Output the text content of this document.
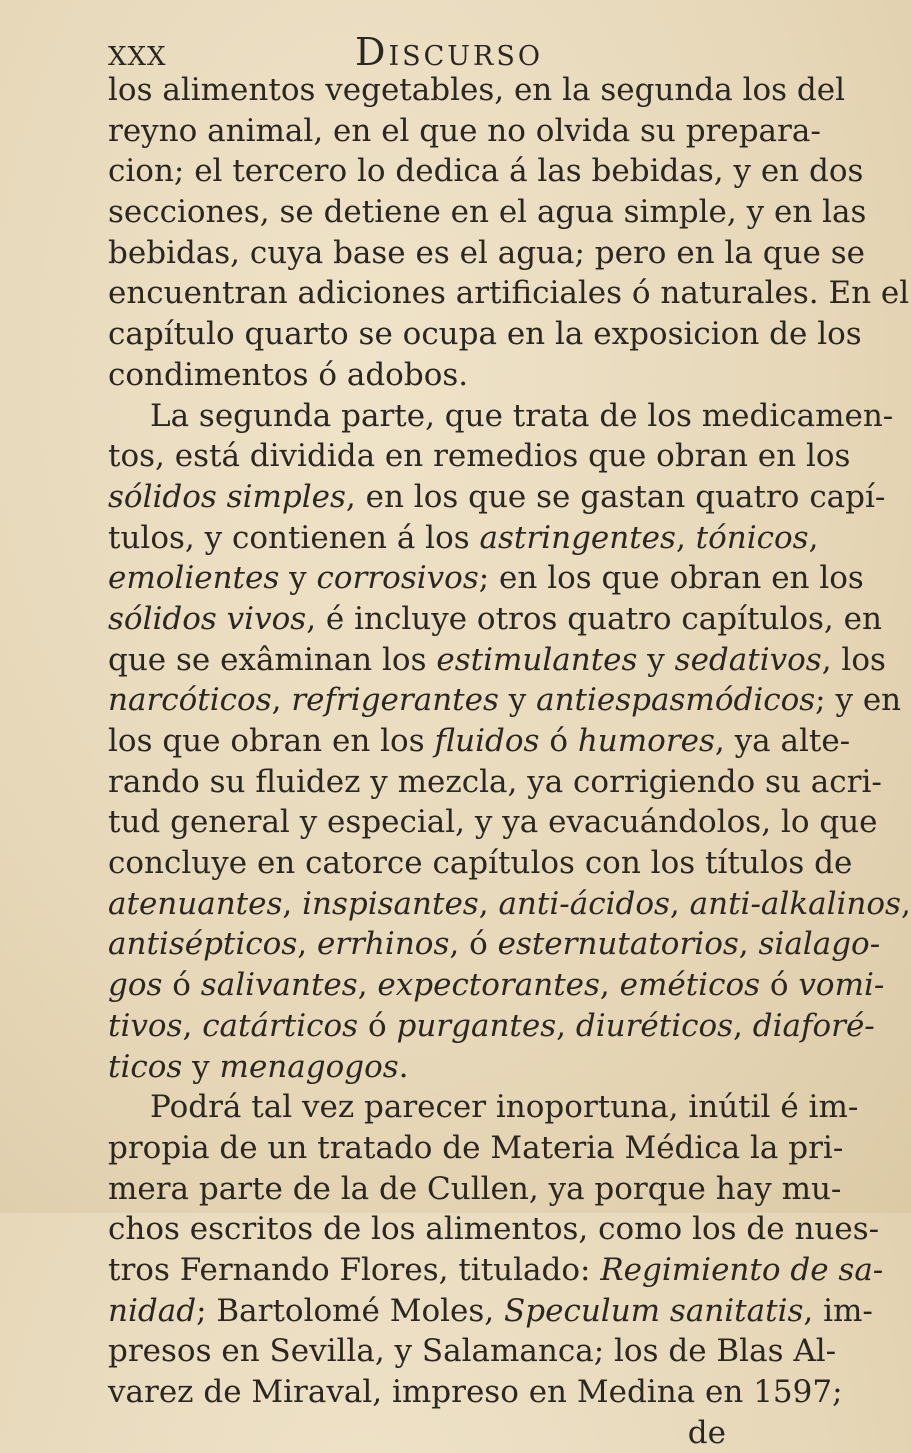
XXX	Discurso
los alimentos vegetables, en la segunda los del
reyno animal, en el que no olvida su prepara-
cion; el tercero lo dedica á las bebidas, y en dos
secciones, se detiene en el agua simple, y en las
bebidas, cuya base es el agua; pero en la que se
encuentran adiciones artificiales ó naturales. En el
capítulo quarto se ocupa en la exposicion de los
condimentos ó adobos.
La segunda parte, que trata de los medicamen-
tos, está dividida en remedios que obran en los
sólidos simples, en los que se gastan quatro capí-
tulos, y contienen á los astringentes, tónicos,
emolientes y corrosivos; en los que obran en los
sólidos vivos, é incluye otros quatro capítulos, en
que se exâminan los estimulantes y sedativos, los
narcóticos, refrigerantes y antiespasmódicos; y en
los que obran en los fluidos ó humores, ya alte-
rando su fluidez y mezcla, ya corrigiendo su acri-
tud general y especial, y ya evacuándolos, lo que
concluye en catorce capítulos con los títulos de
atenuantes, inspisantes, anti-ácidos, anti-alkalinos,
antisépticos, errhinos, ó esternutatorios, sialago-
gos ó salivantes, expectorantes, eméticos ó vomi-
tivos, catárticos ó purgantes, diuréticos, diaforé-
ticos y menagogos.
Podrá tal vez parecer inoportuna, inútil é im-
propia de un tratado de Materia Médica la pri-
mera parte de la de Cullen, ya porque hay mu-
chos escritos de los alimentos, como los de nues-
tros Fernando Flores, titulado: Regimiento de sa-
nidad; Bartolomé Moles, Speculum sanitatis, im-
presos en Sevilla, y Salamanca; los de Blas Al-
varez de Miraval, impreso en Medina en 1597;
de
